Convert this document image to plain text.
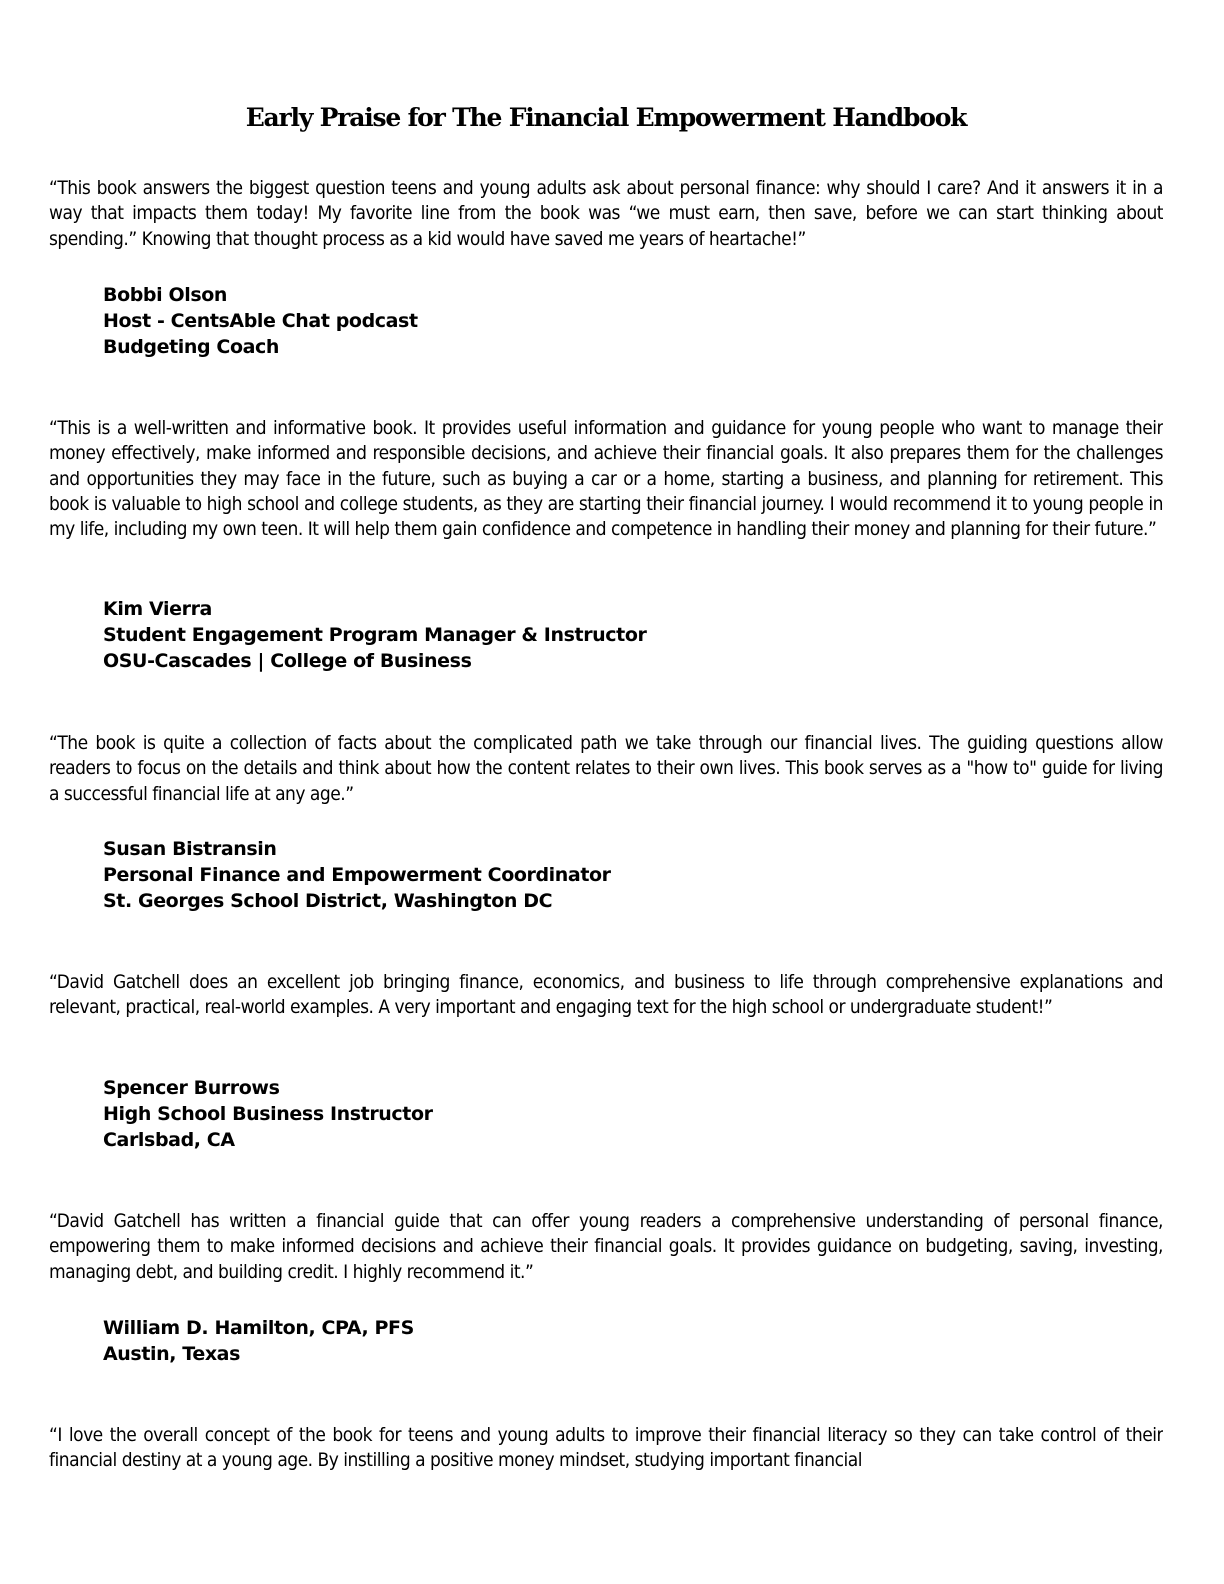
Early Praise for The Financial Empowerment Handbook

“This book answers the biggest question teens and young adults ask about personal finance: why should I care? And it answers it in a way that impacts them today! My favorite line from the book was “we must earn, then save, before we can start thinking about spending.” Knowing that thought process as a kid would have saved me years of heartache!”

Bobbi Olson
Host - CentsAble Chat podcast
Budgeting Coach

“This is a well-written and informative book. It provides useful information and guidance for young people who want to manage their money effectively, make informed and responsible decisions, and achieve their financial goals. It also prepares them for the challenges and opportunities they may face in the future, such as buying a car or a home, starting a business, and planning for retirement. This book is valuable to high school and college students, as they are starting their financial journey. I would recommend it to young people in my life, including my own teen. It will help them gain confidence and competence in handling their money and planning for their future.”

Kim Vierra
Student Engagement Program Manager & Instructor
OSU-Cascades | College of Business

“The book is quite a collection of facts about the complicated path we take through our financial lives. The guiding questions allow readers to focus on the details and think about how the content relates to their own lives. This book serves as a "how to" guide for living a successful financial life at any age.”

Susan Bistransin
Personal Finance and Empowerment Coordinator
St. Georges School District, Washington DC

“David Gatchell does an excellent job bringing finance, economics, and business to life through comprehensive explanations and relevant, practical, real-world examples. A very important and engaging text for the high school or undergraduate student!”

Spencer Burrows
High School Business Instructor
Carlsbad, CA

“David Gatchell has written a financial guide that can offer young readers a comprehensive understanding of personal finance, empowering them to make informed decisions and achieve their financial goals. It provides guidance on budgeting, saving, investing, managing debt, and building credit. I highly recommend it.”

William D. Hamilton, CPA, PFS
Austin, Texas

“I love the overall concept of the book for teens and young adults to improve their financial literacy so they can take control of their financial destiny at a young age. By instilling a positive money mindset, studying important financial
